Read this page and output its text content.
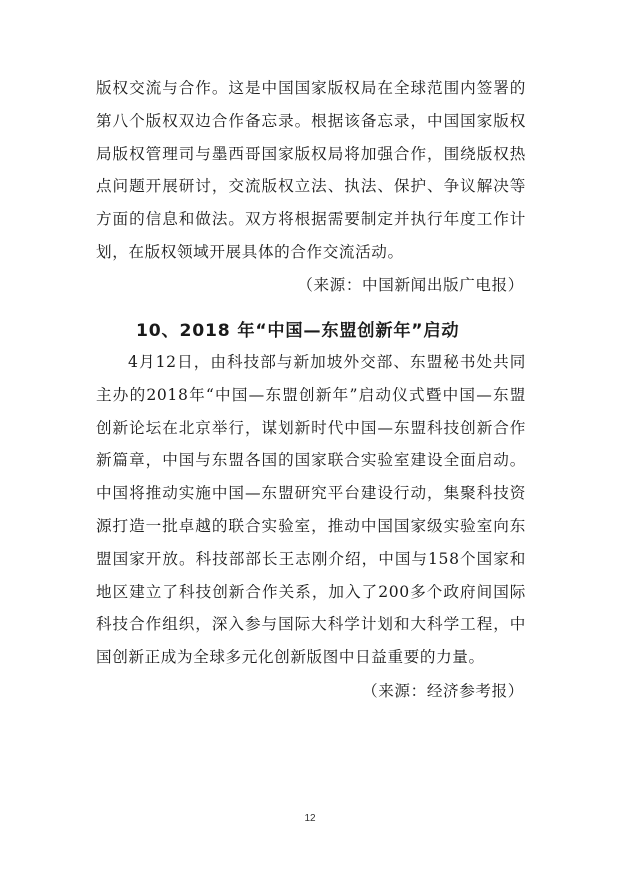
版权交流与合作。这是中国国家版权局在全球范围内签署的
第八个版权双边合作备忘录。根据该备忘录，中国国家版权
局版权管理司与墨西哥国家版权局将加强合作，围绕版权热
点问题开展研讨，交流版权立法、执法、保护、争议解决等
方面的信息和做法。双方将根据需要制定并执行年度工作计
划，在版权领域开展具体的合作交流活动。
（来源：中国新闻出版广电报）
10、2018 年“中国—东盟创新年”启动
4月12日，由科技部与新加坡外交部、东盟秘书处共同
主办的2018年“中国—东盟创新年”启动仪式暨中国—东盟
创新论坛在北京举行，谋划新时代中国—东盟科技创新合作
新篇章，中国与东盟各国的国家联合实验室建设全面启动。
中国将推动实施中国—东盟研究平台建设行动，集聚科技资
源打造一批卓越的联合实验室，推动中国国家级实验室向东
盟国家开放。科技部部长王志刚介绍，中国与158个国家和
地区建立了科技创新合作关系，加入了200多个政府间国际
科技合作组织，深入参与国际大科学计划和大科学工程，中
国创新正成为全球多元化创新版图中日益重要的力量。
（来源：经济参考报）
12
